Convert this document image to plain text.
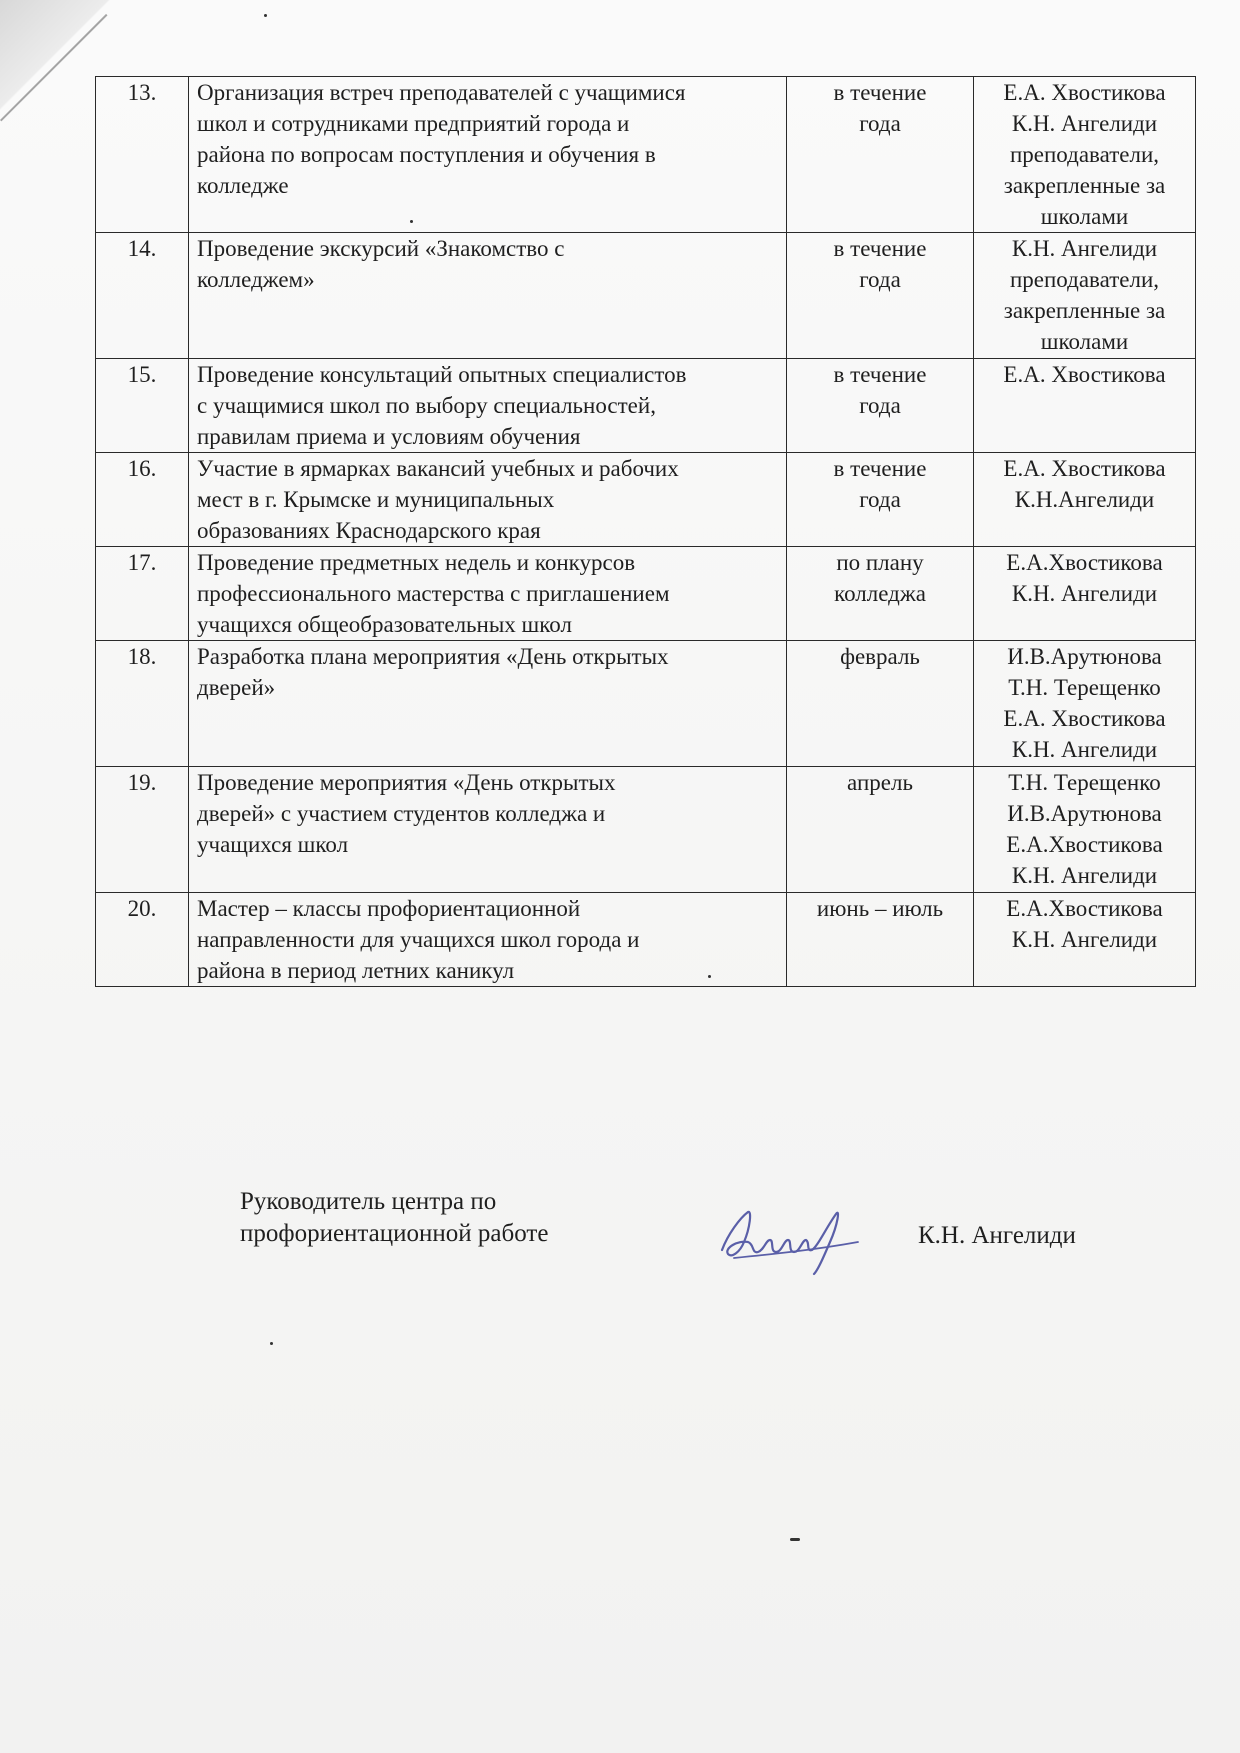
13.	Организация встреч преподавателей с учащимися
школ и сотрудниками предприятий города и
района по вопросам поступления и обучения в
колледже	в течение
года	Е.А. Хвостикова
К.Н. Ангелиди
преподаватели,
закрепленные за
школами

14.	Проведение экскурсий «Знакомство с
колледжем»	в течение
года	К.Н. Ангелиди
преподаватели,
закрепленные за
школами

15.	Проведение консультаций опытных специалистов
с учащимися школ по выбору специальностей,
правилам приема и условиям обучения	в течение
года	Е.А. Хвостикова

16.	Участие в ярмарках вакансий учебных и рабочих
мест в г. Крымске и муниципальных
образованиях Краснодарского края	в течение
года	Е.А. Хвостикова
К.Н.Ангелиди

17.	Проведение предметных недель и конкурсов
профессионального мастерства с приглашением
учащихся общеобразовательных школ	по плану
колледжа	Е.А.Хвостикова
К.Н. Ангелиди

18.	Разработка плана мероприятия «День открытых
дверей»	февраль	И.В.Арутюнова
Т.Н. Терещенко
Е.А. Хвостикова
К.Н. Ангелиди

19.	Проведение мероприятия «День открытых
дверей» с участием студентов колледжа и
учащихся школ	апрель	Т.Н. Терещенко
И.В.Арутюнова
Е.А.Хвостикова
К.Н. Ангелиди

20.	Мастер – классы профориентационной
направленности для учащихся школ города и
района в период летних каникул	июнь – июль	Е.А.Хвостикова
К.Н. Ангелиди
Руководитель центра по
профориентационной работе	К.Н. Ангелиди
